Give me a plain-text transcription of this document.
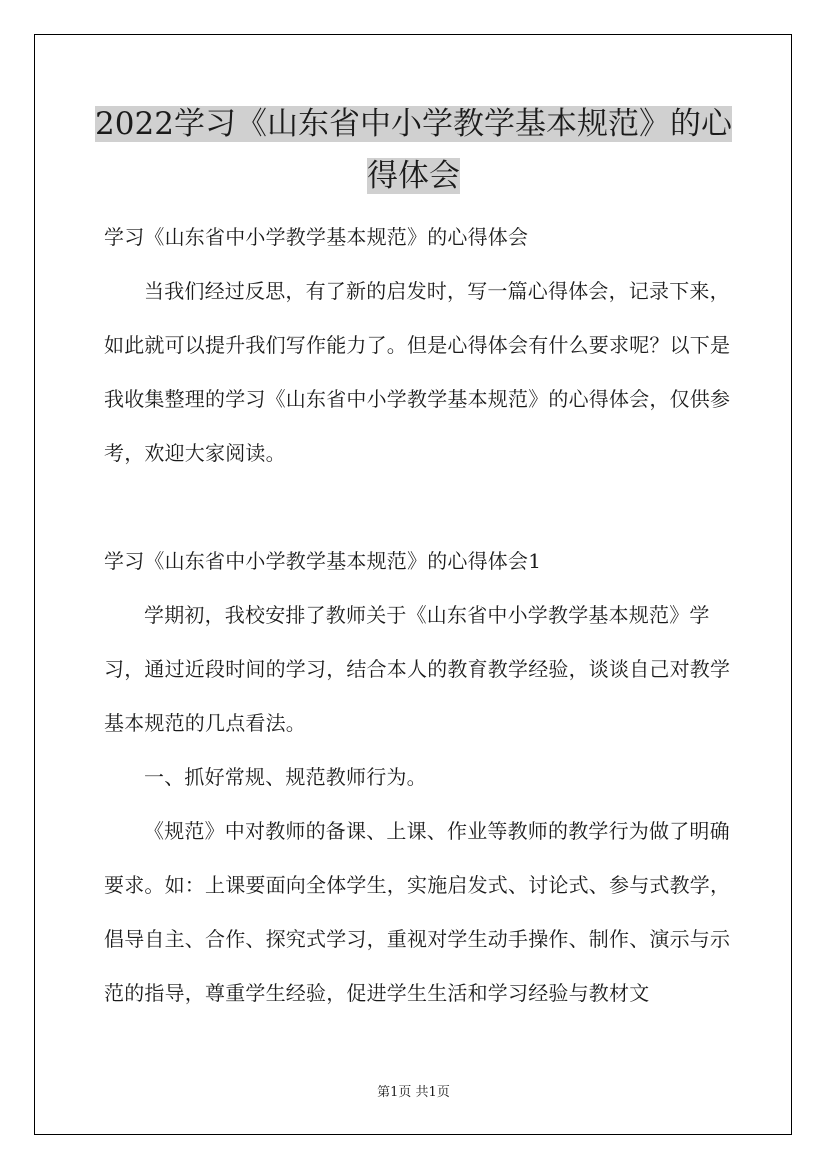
2022学习《山东省中小学教学基本规范》的心
得体会

学习《山东省中小学教学基本规范》的心得体会

当我们经过反思，有了新的启发时，写一篇心得体会，记录下来，如此就可以提升我们写作能力了。但是心得体会有什么要求呢？以下是我收集整理的学习《山东省中小学教学基本规范》的心得体会，仅供参考，欢迎大家阅读。

学习《山东省中小学教学基本规范》的心得体会1

学期初，我校安排了教师关于《山东省中小学教学基本规范》学习，通过近段时间的学习，结合本人的教育教学经验，谈谈自己对教学基本规范的几点看法。

一、抓好常规、规范教师行为。

《规范》中对教师的备课、上课、作业等教师的教学行为做了明确要求。如：上课要面向全体学生，实施启发式、讨论式、参与式教学，倡导自主、合作、探究式学习，重视对学生动手操作、制作、演示与示范的指导，尊重学生经验，促进学生生活和学习经验与教材文

第1页 共1页
